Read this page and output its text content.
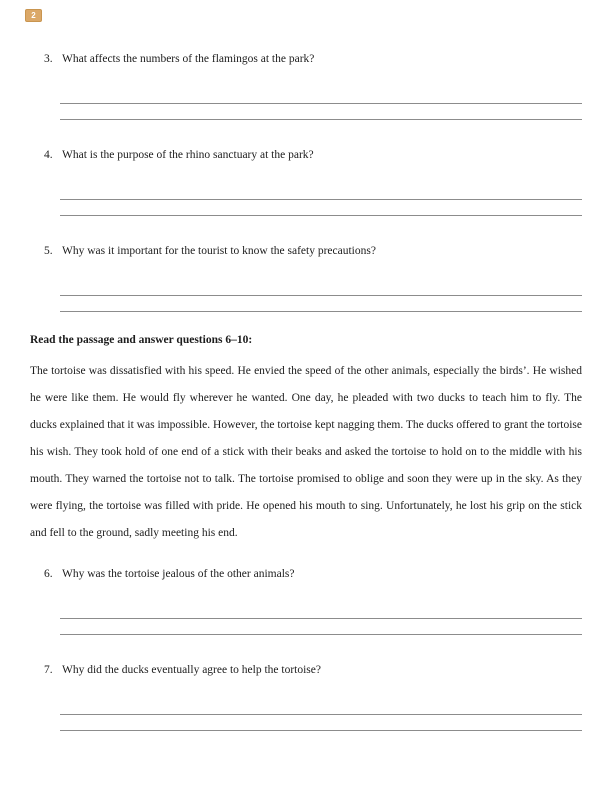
2
3. What affects the numbers of the flamingos at the park?
4. What is the purpose of the rhino sanctuary at the park?
5. Why was it important for the tourist to know the safety precautions?
Read the passage and answer questions 6–10:
The tortoise was dissatisfied with his speed. He envied the speed of the other animals, especially the birds’. He wished he were like them. He would fly wherever he wanted. One day, he pleaded with two ducks to teach him to fly. The ducks explained that it was impossible. However, the tortoise kept nagging them. The ducks offered to grant the tortoise his wish. They took hold of one end of a stick with their beaks and asked the tortoise to hold on to the middle with his mouth. They warned the tortoise not to talk. The tortoise promised to oblige and soon they were up in the sky. As they were flying, the tortoise was filled with pride. He opened his mouth to sing. Unfortunately, he lost his grip on the stick and fell to the ground, sadly meeting his end.
6. Why was the tortoise jealous of the other animals?
7. Why did the ducks eventually agree to help the tortoise?
